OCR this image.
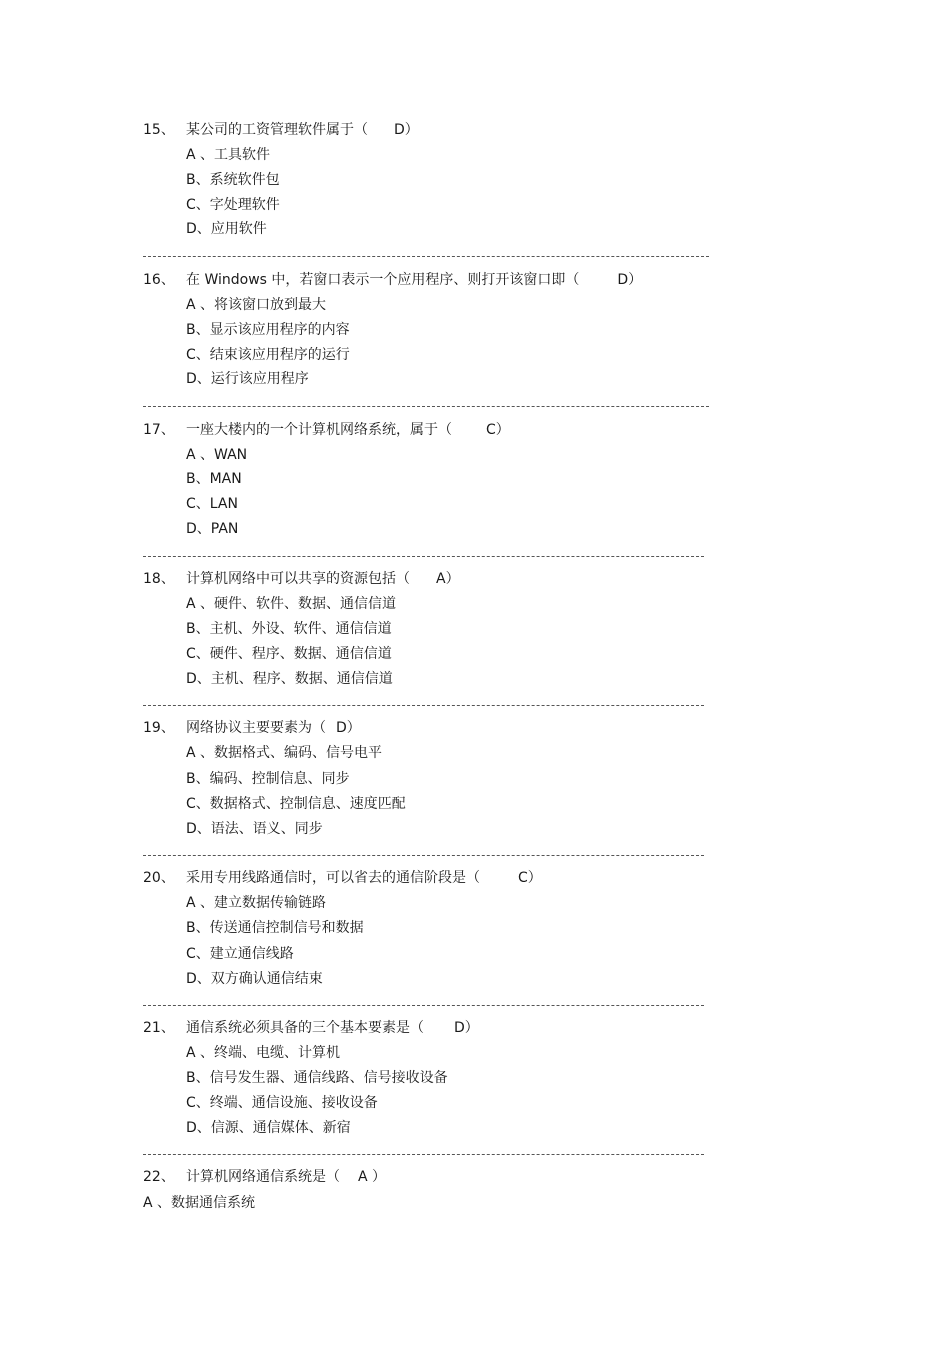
15、 某公司的工资管理软件属于（ D）
A 、工具软件
B、系统软件包
C、字处理软件
D、应用软件
16、 在 Windows 中，若窗口表示一个应用程序、则打开该窗口即（	D）
A 、将该窗口放到最大
B、显示该应用程序的内容
C、结束该应用程序的运行
D、运行该应用程序
17、 一座大楼内的一个计算机网络系统，属于（ C）
A 、WAN
B、MAN
C、LAN
D、PAN
18、 计算机网络中可以共享的资源包括（ A）
A 、硬件、软件、数据、通信信道
B、主机、外设、软件、通信信道
C、硬件、程序、数据、通信信道
D、主机、程序、数据、通信信道
19、 网络协议主要要素为（ D）
A 、数据格式、编码、信号电平
B、编码、控制信息、同步
C、数据格式、控制信息、速度匹配
D、语法、语义、同步
20、 采用专用线路通信时，可以省去的通信阶段是（	C）
A 、建立数据传输链路
B、传送通信控制信号和数据
C、建立通信线路
D、双方确认通信结束
21、 通信系统必须具备的三个基本要素是（ D）
A 、终端、电缆、计算机
B、信号发生器、通信线路、信号接收设备
C、终端、通信设施、接收设备
D、信源、通信媒体、新宿
22、 计算机网络通信系统是（ A ）
A 、数据通信系统
